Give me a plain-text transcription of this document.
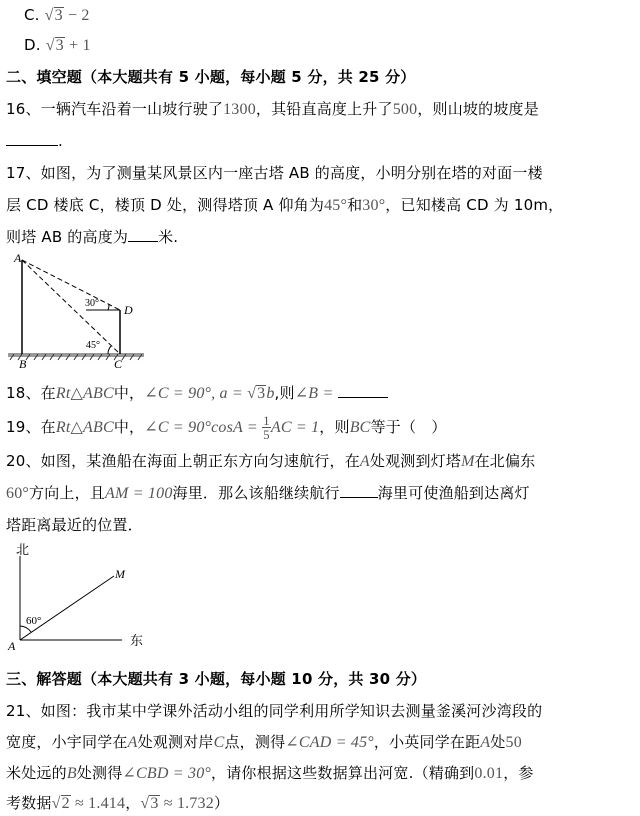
C. √3 − 2
D. √3 + 1
二、填空题（本大题共有 5 小题，每小题 5 分，共 25 分）
16、一辆汽车沿着一山坡行驶了1300，其铅直高度上升了500，则山坡的坡度是
.
17、如图，为了测量某风景区内一座古塔 AB 的高度，小明分别在塔的对面一楼
层 CD 楼底 C，楼顶 D 处，测得塔顶 A 仰角为45°和30°，已知楼高 CD 为 10m，
则塔 AB 的高度为 米.
A
B	C
D
30°
45°
18、在Rt△ABC中，∠C = 90°, a = √3b,则∠B =
19、在Rt△ABC中，∠C = $90^\circ\cos A = \frac{1}{5}$ AC = 1，则BC等于（　）
20、如图，某渔船在海面上朝正东方向匀速航行，在A处观测到灯塔M在北偏东
60°方向上，且AM = 100海里．那么该船继续航行	海里可使渔船到达离灯
塔距离最近的位置．
北
东
M
A
60°
三、解答题（本大题共有 3 小题，每小题 10 分，共 30 分）
21、如图：我市某中学课外活动小组的同学利用所学知识去测量釜溪河沙湾段的
宽度，小宇同学在A处观测对岸C点，测得∠CAD = 45°，小英同学在距A处50
米处远的B处测得∠CBD = 30°，请你根据这些数据算出河宽.（精确到0.01，参
考数据√2 ≈ 1.414，√3 ≈ 1.732）
